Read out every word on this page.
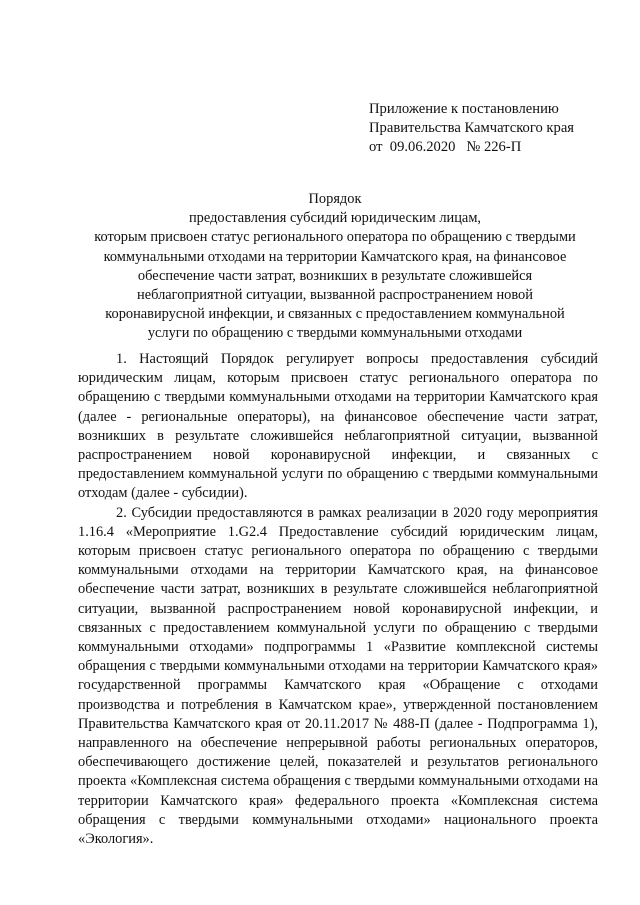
Приложение к постановлению
Правительства Камчатского края
от  09.06.2020   № 226-П
Порядок
предоставления субсидий юридическим лицам,
которым присвоен статус регионального оператора по обращению с твердыми
коммунальными отходами на территории Камчатского края, на финансовое
обеспечение части затрат, возникших в результате сложившейся
неблагоприятной ситуации, вызванной распространением новой
коронавирусной инфекции, и связанных с предоставлением коммунальной
услуги по обращению с твердыми коммунальными отходами

1. Настоящий Порядок регулирует вопросы предоставления субсидий юридическим лицам, которым присвоен статус регионального оператора по обращению с твердыми коммунальными отходами на территории Камчатского края (далее - региональные операторы), на финансовое обеспечение части затрат, возникших в результате сложившейся неблагоприятной ситуации, вызванной распространением новой коронавирусной инфекции, и связанных с предоставлением коммунальной услуги по обращению с твердыми коммунальными отходам (далее - субсидии).

2. Субсидии предоставляются в рамках реализации в 2020 году мероприятия 1.16.4 «Мероприятие 1.G2.4 Предоставление субсидий юридическим лицам, которым присвоен статус регионального оператора по обращению с твердыми коммунальными отходами на территории Камчатского края, на финансовое обеспечение части затрат, возникших в результате сложившейся неблагоприятной ситуации, вызванной распространением новой коронавирусной инфекции, и связанных с предоставлением коммунальной услуги по обращению с твердыми коммунальными отходами» подпрограммы 1 «Развитие комплексной системы обращения с твердыми коммунальными отходами на территории Камчатского края» государственной программы Камчатского края «Обращение с отходами производства и потребления в Камчатском крае», утвержденной постановлением Правительства Камчатского края от 20.11.2017 № 488-П (далее - Подпрограмма 1), направленного на обеспечение непрерывной работы региональных операторов, обеспечивающего достижение целей, показателей и результатов регионального проекта «Комплексная система обращения с твердыми коммунальными отходами на территории Камчатского края» федерального проекта «Комплексная система обращения с твердыми коммунальными отходами» национального проекта «Экология».
